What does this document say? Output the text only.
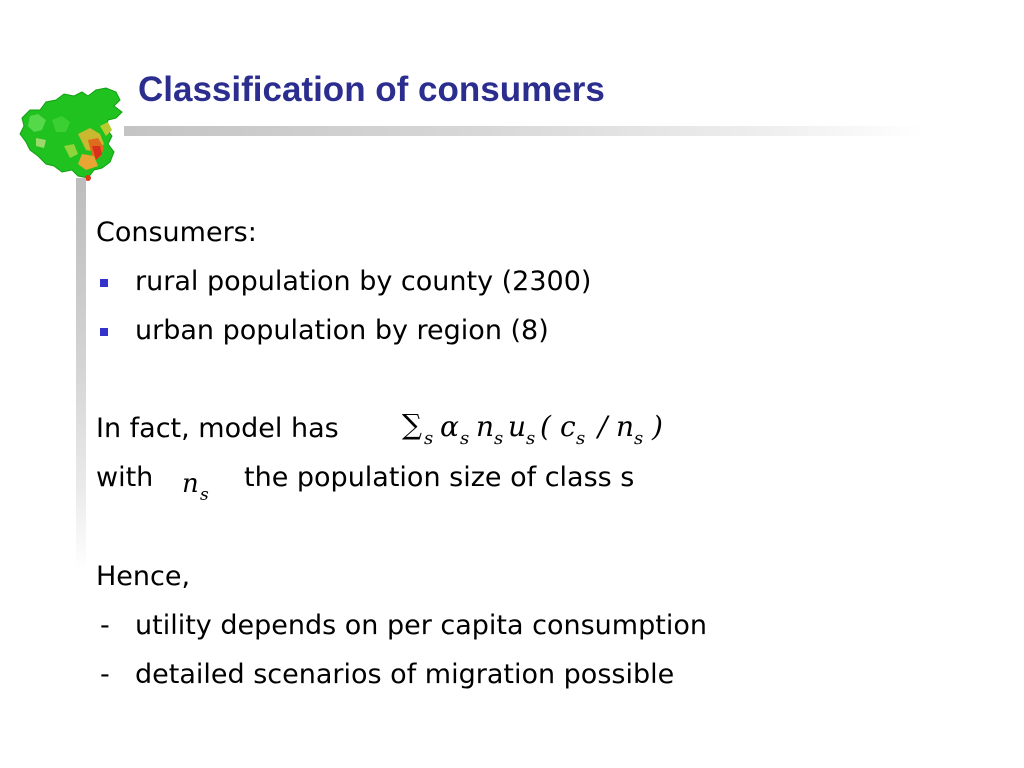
Classification of consumers

Consumers:

rural population by county (2300)
urban population by region (8)

In fact, model has ∑ s α s n s u s ( c s / n s )

with n s

the population size of class s

Hence,

- utility depends on per capita consumption
- detailed scenarios of migration possible
